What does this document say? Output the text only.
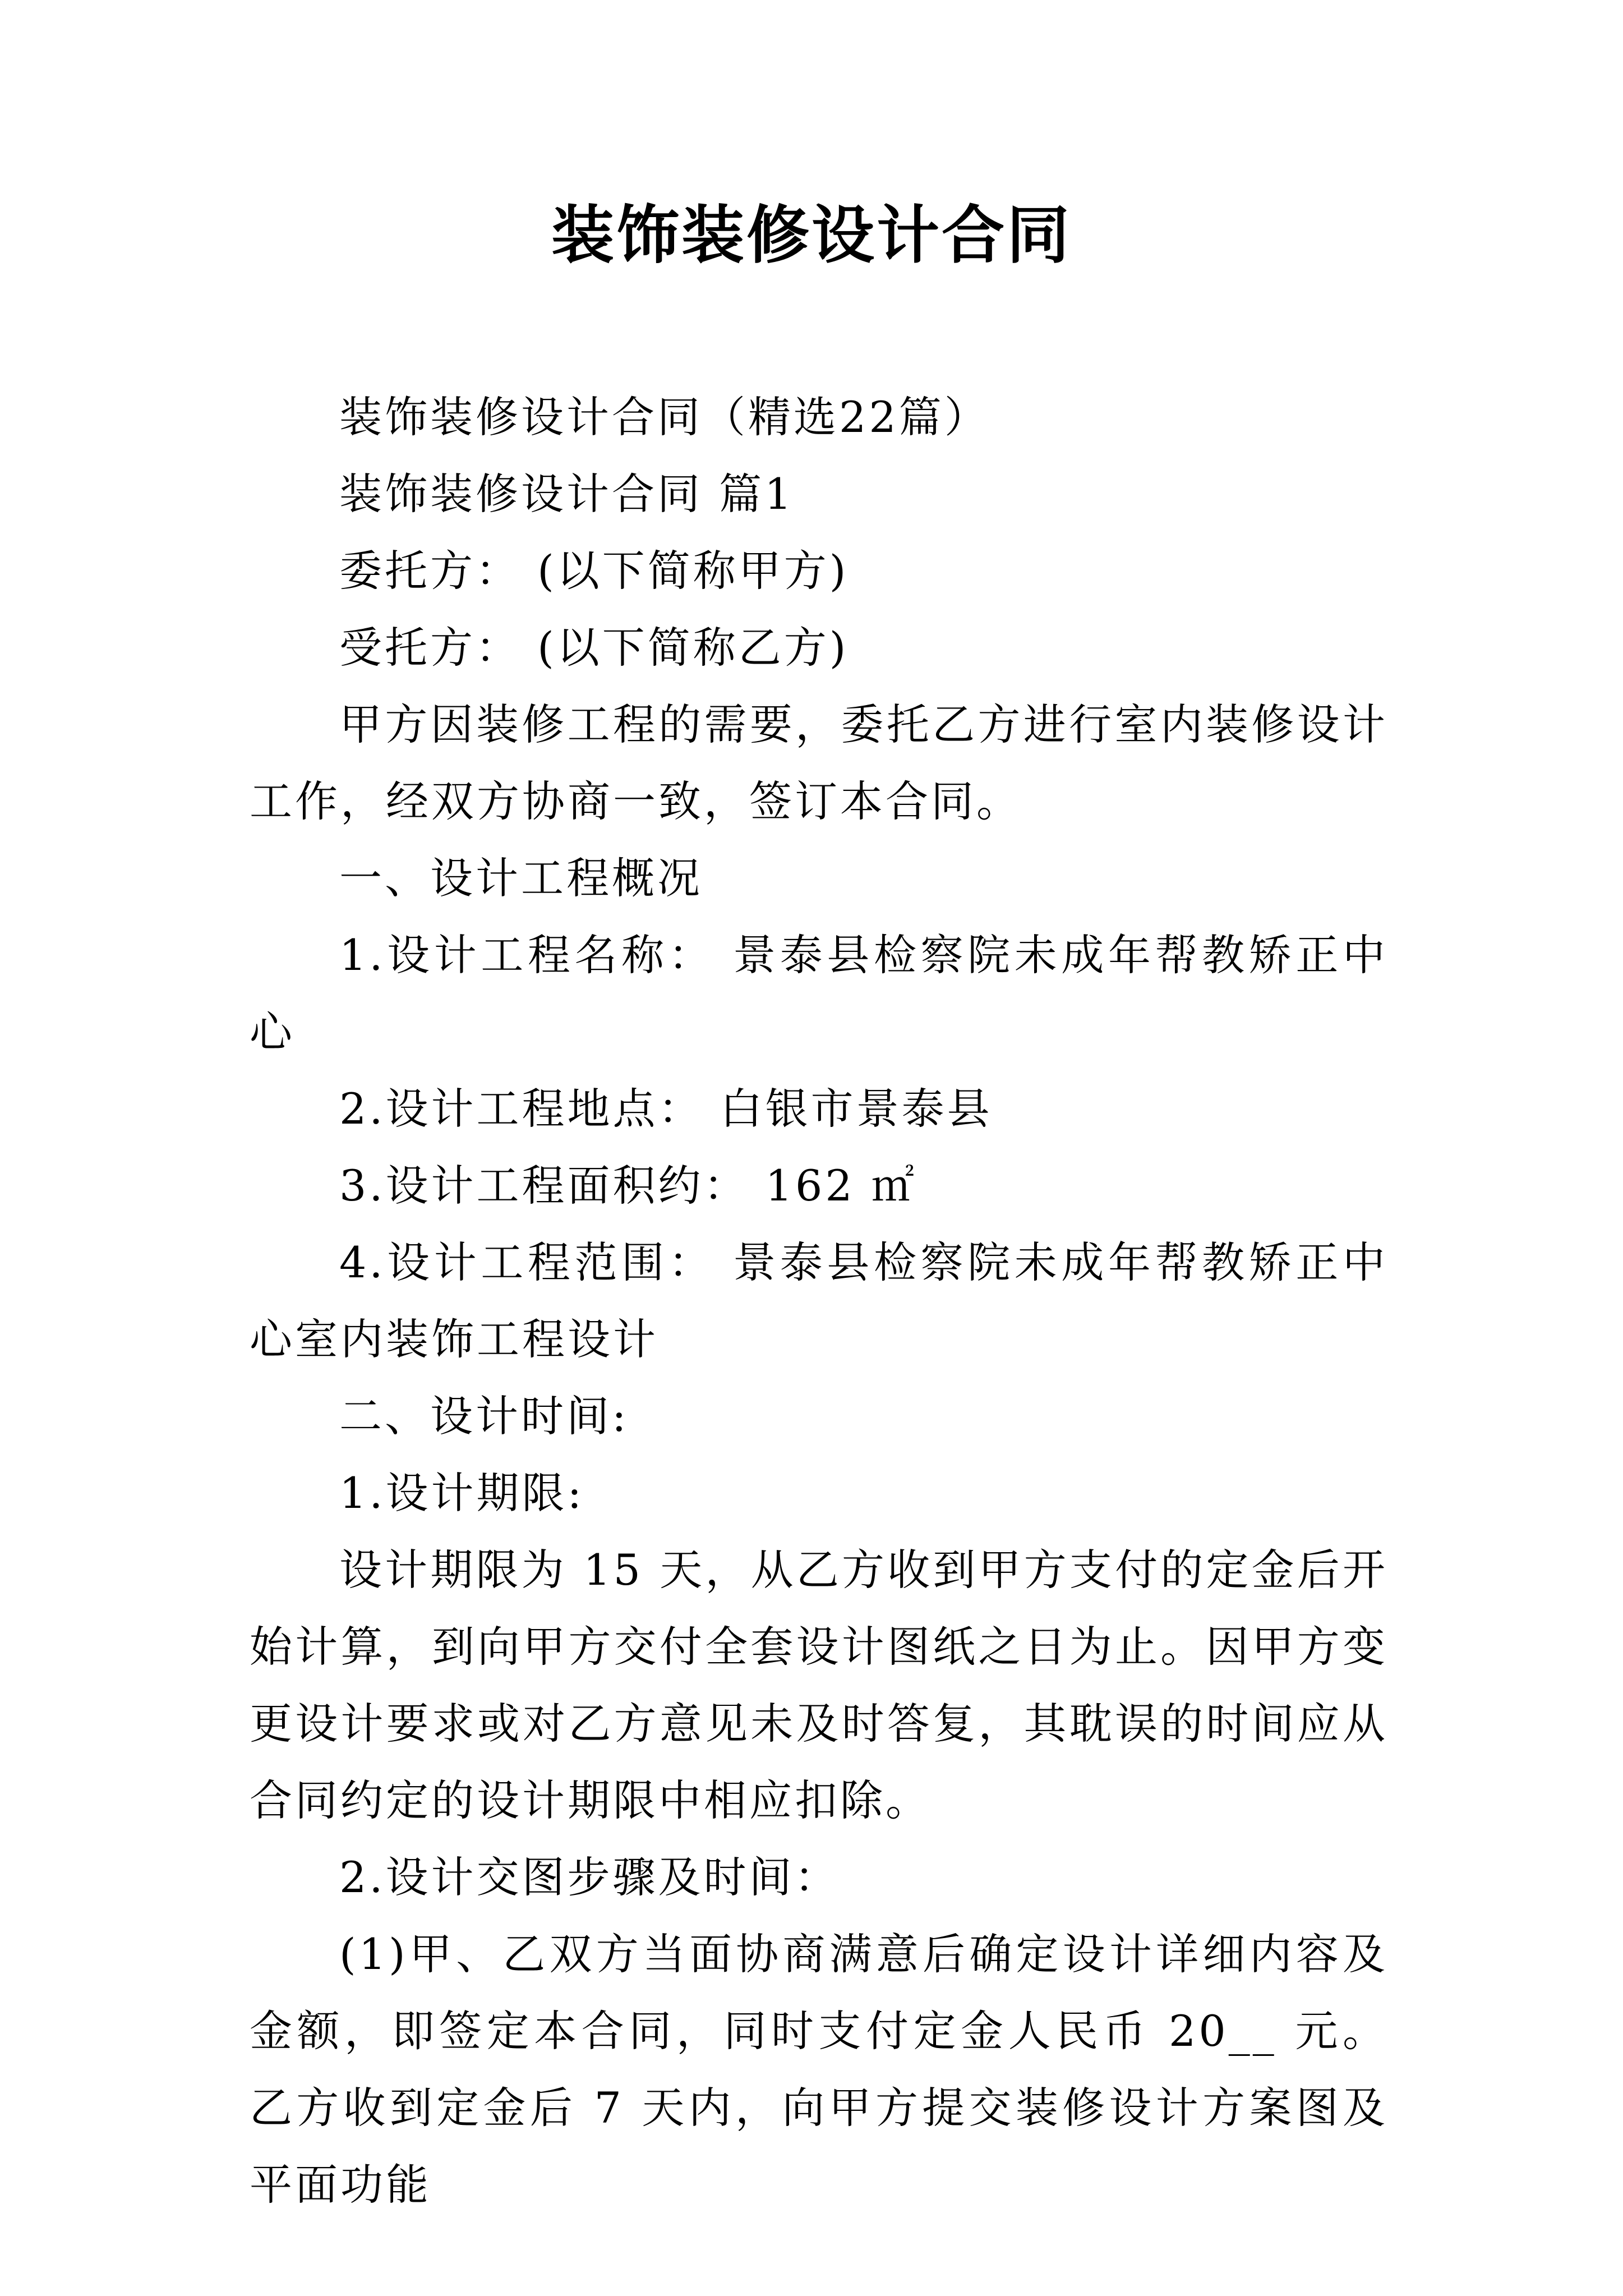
装饰装修设计合同

装饰装修设计合同（精选22篇）

装饰装修设计合同 篇1

委托方： (以下简称甲方)

受托方： (以下简称乙方)

甲方因装修工程的需要，委托乙方进行室内装修设计工作，经双方协商一致，签订本合同。

一、设计工程概况

1.设计工程名称： 景泰县检察院未成年帮教矫正中心

2.设计工程地点： 白银市景泰县

3.设计工程面积约： 162 ㎡

4.设计工程范围： 景泰县检察院未成年帮教矫正中心室内装饰工程设计

二、设计时间:

1.设计期限:

设计期限为 15 天，从乙方收到甲方支付的定金后开始计算，到向甲方交付全套设计图纸之日为止。因甲方变更设计要求或对乙方意见未及时答复，其耽误的时间应从合同约定的设计期限中相应扣除。

2.设计交图步骤及时间：

(1)甲、乙双方当面协商满意后确定设计详细内容及金额，即签定本合同，同时支付定金人民币 20__ 元。乙方收到定金后 7 天内，向甲方提交装修设计方案图及平面功能
